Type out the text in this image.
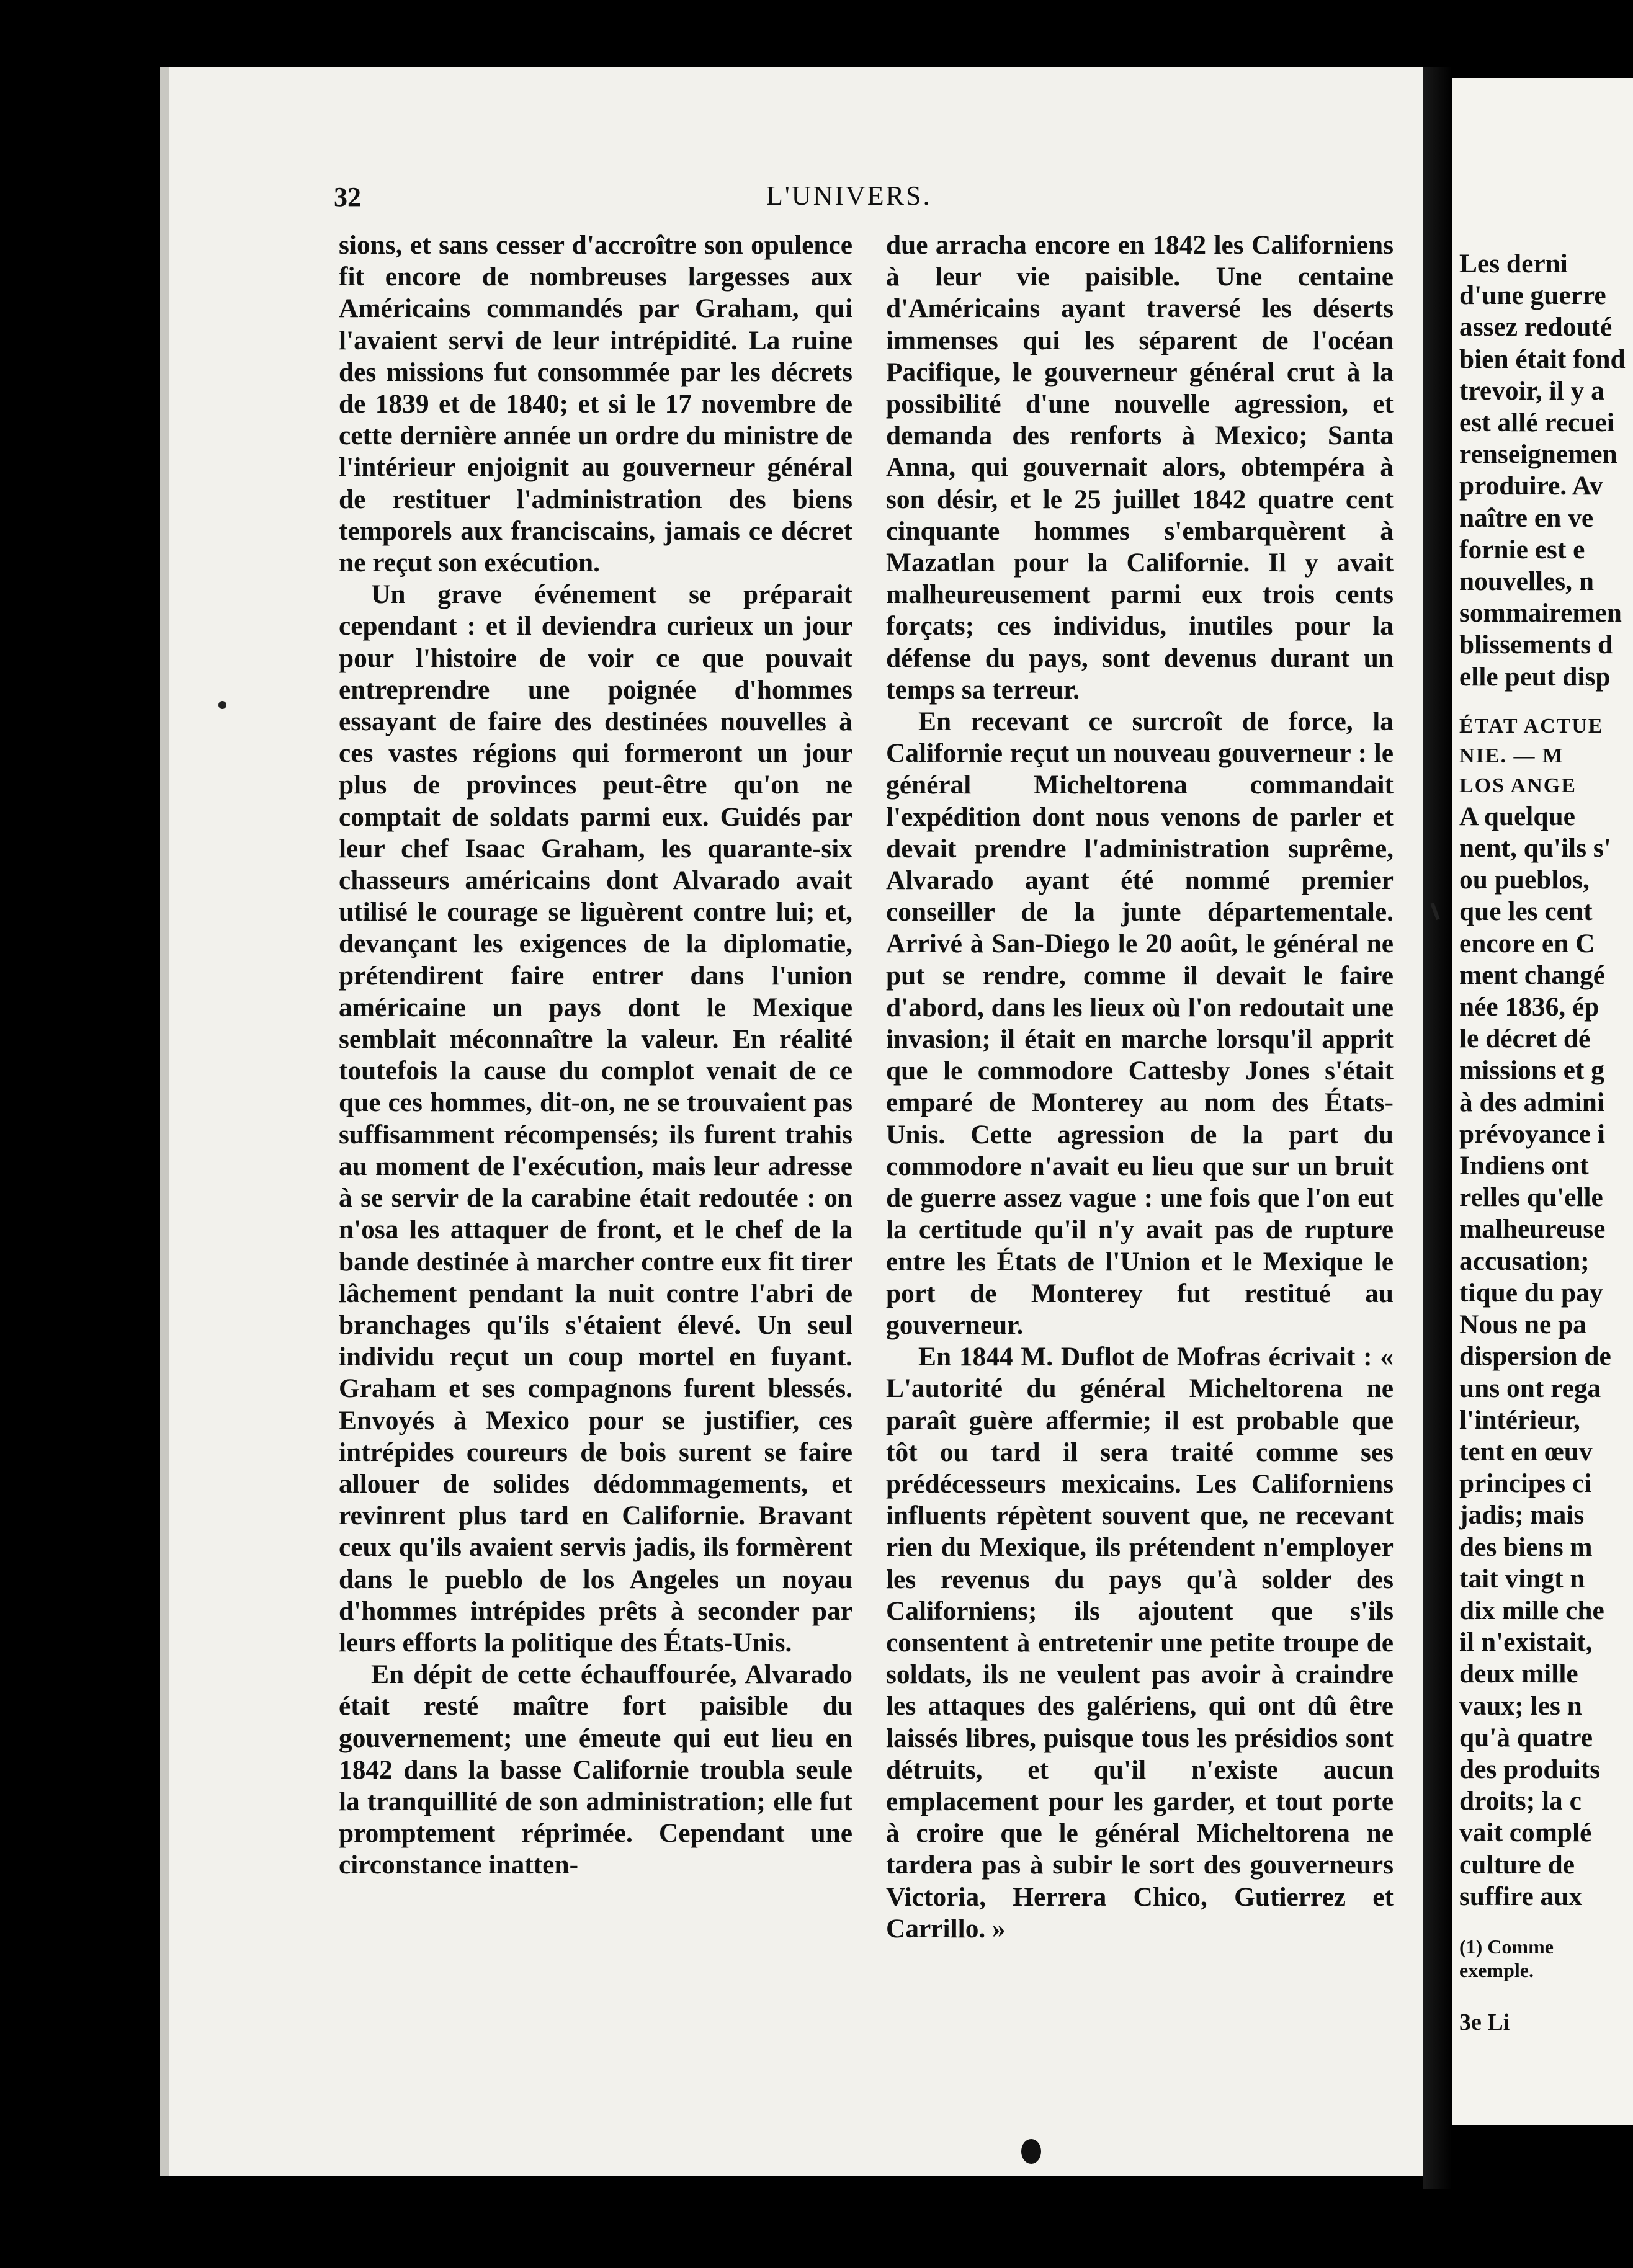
32	L'UNIVERS.

sions, et sans cesser d'accroître son opulence fit encore de nombreuses largesses aux Américains commandés par Graham, qui l'avaient servi de leur intrépidité. La ruine des missions fut consommée par les décrets de 1839 et de 1840; et si le 17 novembre de cette dernière année un ordre du ministre de l'intérieur enjoignit au gouverneur général de restituer l'administration des biens temporels aux franciscains, jamais ce décret ne reçut son exécution.

Un grave événement se préparait cependant : et il deviendra curieux un jour pour l'histoire de voir ce que pouvait entreprendre une poignée d'hommes essayant de faire des destinées nouvelles à ces vastes régions qui formeront un jour plus de provinces peut-être qu'on ne comptait de soldats parmi eux. Guidés par leur chef Isaac Graham, les quarante-six chasseurs américains dont Alvarado avait utilisé le courage se liguèrent contre lui; et, devançant les exigences de la diplomatie, prétendirent faire entrer dans l'union américaine un pays dont le Mexique semblait méconnaître la valeur. En réalité toutefois la cause du complot venait de ce que ces hommes, dit-on, ne se trouvaient pas suffisamment récompensés; ils furent trahis au moment de l'exécution, mais leur adresse à se servir de la carabine était redoutée : on n'osa les attaquer de front, et le chef de la bande destinée à marcher contre eux fit tirer lâchement pendant la nuit contre l'abri de branchages qu'ils s'étaient élevé. Un seul individu reçut un coup mortel en fuyant. Graham et ses compagnons furent blessés. Envoyés à Mexico pour se justifier, ces intrépides coureurs de bois surent se faire allouer de solides dédommagements, et revinrent plus tard en Californie. Bravant ceux qu'ils avaient servis jadis, ils formèrent dans le pueblo de los Angeles un noyau d'hommes intrépides prêts à seconder par leurs efforts la politique des États-Unis.

En dépit de cette échauffourée, Alvarado était resté maître fort paisible du gouvernement; une émeute qui eut lieu en 1842 dans la basse Californie troubla seule la tranquillité de son administration; elle fut promptement réprimée. Cependant une circonstance inatten-

due arracha encore en 1842 les Californiens à leur vie paisible. Une centaine d'Américains ayant traversé les déserts immenses qui les séparent de l'océan Pacifique, le gouverneur général crut à la possibilité d'une nouvelle agression, et demanda des renforts à Mexico; Santa Anna, qui gouvernait alors, obtempéra à son désir, et le 25 juillet 1842 quatre cent cinquante hommes s'embarquèrent à Mazatlan pour la Californie. Il y avait malheureusement parmi eux trois cents forçats; ces individus, inutiles pour la défense du pays, sont devenus durant un temps sa terreur.

En recevant ce surcroît de force, la Californie reçut un nouveau gouverneur : le général Micheltorena commandait l'expédition dont nous venons de parler et devait prendre l'administration suprême, Alvarado ayant été nommé premier conseiller de la junte départementale. Arrivé à San-Diego le 20 août, le général ne put se rendre, comme il devait le faire d'abord, dans les lieux où l'on redoutait une invasion; il était en marche lorsqu'il apprit que le commodore Cattesby Jones s'était emparé de Monterey au nom des États-Unis. Cette agression de la part du commodore n'avait eu lieu que sur un bruit de guerre assez vague : une fois que l'on eut la certitude qu'il n'y avait pas de rupture entre les États de l'Union et le Mexique le port de Monterey fut restitué au gouverneur.

En 1844 M. Duflot de Mofras écrivait : « L'autorité du général Micheltorena ne paraît guère affermie; il est probable que tôt ou tard il sera traité comme ses prédécesseurs mexicains. Les Californiens influents répètent souvent que, ne recevant rien du Mexique, ils prétendent n'employer les revenus du pays qu'à solder des Californiens; ils ajoutent que s'ils consentent à entretenir une petite troupe de soldats, ils ne veulent pas avoir à craindre les attaques des galériens, qui ont dû être laissés libres, puisque tous les présidios sont détruits, et qu'il n'existe aucun emplacement pour les garder, et tout porte à croire que le général Micheltorena ne tardera pas à subir le sort des gouverneurs Victoria, Herrera Chico, Gutierrez et Carrillo. »

Les derni
d'une guerre
assez redouté
bien était fond
trevoir, il y a
est allé recuei
renseignemen
produire. Av
naître en ve
fornie est e
nouvelles, n
sommairemen
blissements d
elle peut disp
ÉTAT ACTUE
NIE. — M
LOS ANGE
A quelque
nent, qu'ils s'
ou pueblos,
que les cent
encore en C
ment changé
née 1836, ép
le décret dé
missions et g
à des admini
prévoyance i
Indiens ont
relles qu'elle
malheureuse
accusation;
tique du pay
Nous ne pa
dispersion de
uns ont rega
l'intérieur,
tent en œuv
principes ci
jadis; mais
des biens m
tait vingt n
dix mille che
il n'existait,
deux mille
vaux; les n
qu'à quatre
des produits
droits; la c
vait complé
culture de
suffire aux
(1) Comme
exemple.
3e Li
